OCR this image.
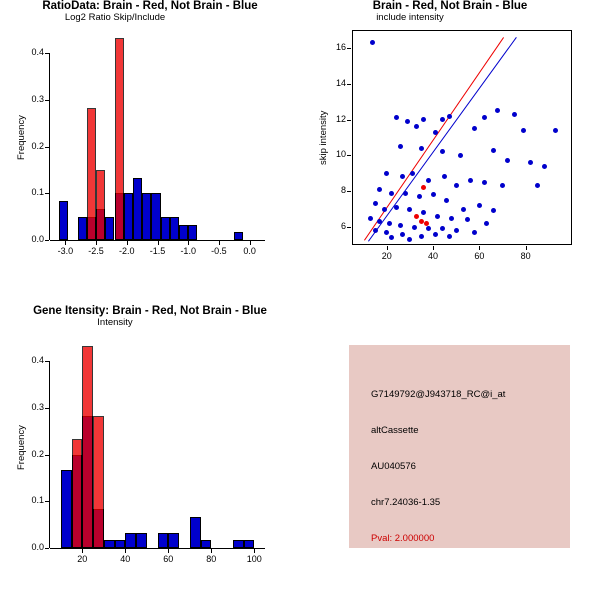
RatioData: Brain - Red, Not Brain - Blue
Frequency
Log2 Ratio Skip/Include
-3.0	-2.5	-2.0	-1.5	-1.0	-0.5	0.0
0.0
0.1
0.2
0.3
0.4
Brain - Red, Not Brain - Blue
skip intensity
include intensity
20	40	60	80
6
8
10
12
14
16
Gene Itensity: Brain - Red, Not Brain - Blue
Frequency
Intensity
20	40	60	80	100
0.0
0.1
0.2
0.3
0.4
G7149792@J943718_RC@i_at
altCassette
AU040576
chr7.24036-1.35
Pval: 2.000000
